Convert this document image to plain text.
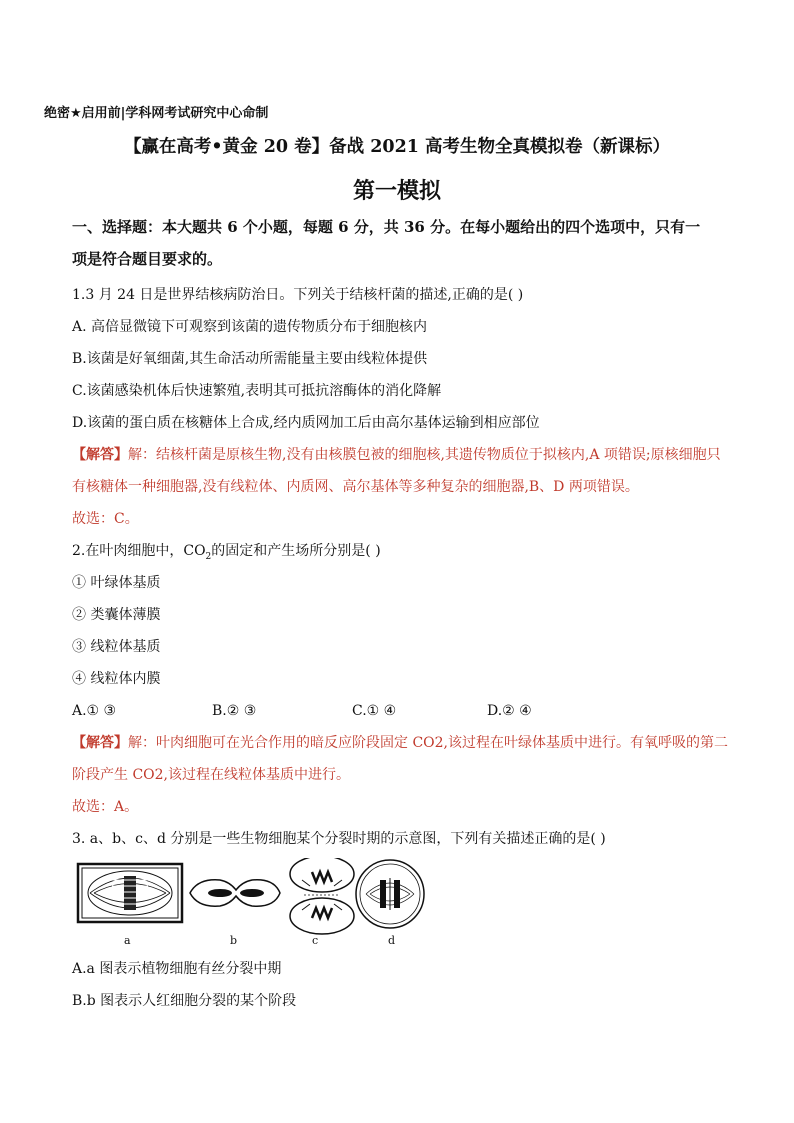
绝密★启用前|学科网考试研究中心命制
【赢在高考•黄金 20 卷】备战 2021 高考生物全真模拟卷（新课标）
第一模拟
一、选择题：本大题共 6 个小题，每题 6 分，共 36 分。在每小题给出的四个选项中，只有一
项是符合题目要求的。
1.3 月 24 日是世界结核病防治日。下列关于结核杆菌的描述,正确的是( )
A. 高倍显微镜下可观察到该菌的遗传物质分布于细胞核内
B.该菌是好氧细菌,其生命活动所需能量主要由线粒体提供
C.该菌感染机体后快速繁殖,表明其可抵抗溶酶体的消化降解
D.该菌的蛋白质在核糖体上合成,经内质网加工后由高尔基体运输到相应部位
【解答】解：结核杆菌是原核生物,没有由核膜包被的细胞核,其遗传物质位于拟核内,A 项错误;原核细胞只
有核糖体一种细胞器,没有线粒体、内质网、高尔基体等多种复杂的细胞器,B、D 两项错误。
故选：C。
2.在叶肉细胞中，$CO_2$的固定和产生场所分别是( )
① 叶绿体基质
② 类囊体薄膜
③ 线粒体基质
④ 线粒体内膜
A.① ③	B.② ③	C.① ④	D.② ④
【解答】解：叶肉细胞可在光合作用的暗反应阶段固定 CO2,该过程在叶绿体基质中进行。有氧呼吸的第二
阶段产生 CO2,该过程在线粒体基质中进行。
故选：A。
3. a、b、c、d 分别是一些生物细胞某个分裂时期的示意图，下列有关描述正确的是( )
a	b	c	d
A.a 图表示植物细胞有丝分裂中期
B.b 图表示人红细胞分裂的某个阶段
